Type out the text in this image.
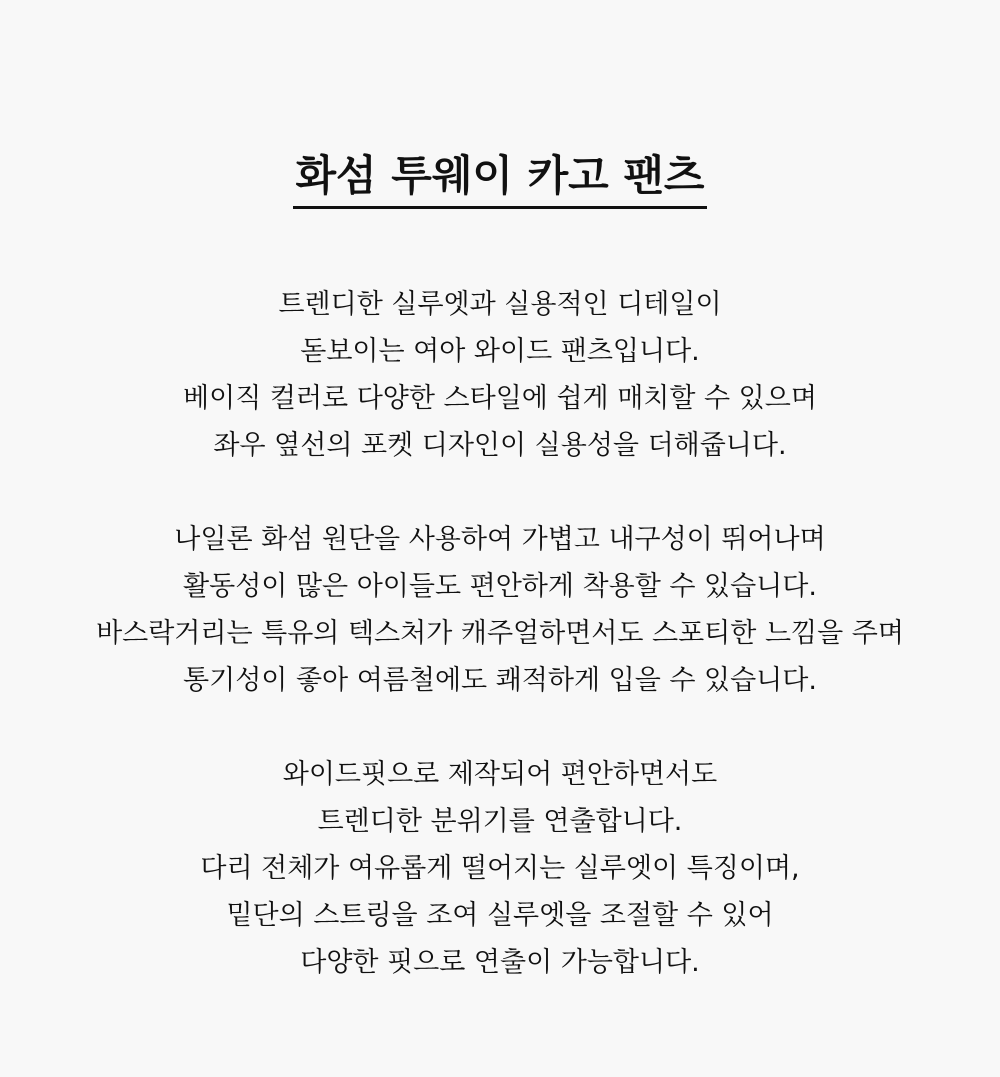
화섬 투웨이 카고 팬츠
트렌디한 실루엣과 실용적인 디테일이
돋보이는 여아 와이드 팬츠입니다.
베이직 컬러로 다양한 스타일에 쉽게 매치할 수 있으며
좌우 옆선의 포켓 디자인이 실용성을 더해줍니다.
나일론 화섬 원단을 사용하여 가볍고 내구성이 뛰어나며
활동성이 많은 아이들도 편안하게 착용할 수 있습니다.
바스락거리는 특유의 텍스처가 캐주얼하면서도 스포티한 느낌을 주며
통기성이 좋아 여름철에도 쾌적하게 입을 수 있습니다.
와이드핏으로 제작되어 편안하면서도
트렌디한 분위기를 연출합니다.
다리 전체가 여유롭게 떨어지는 실루엣이 특징이며,
밑단의 스트링을 조여 실루엣을 조절할 수 있어
다양한 핏으로 연출이 가능합니다.
